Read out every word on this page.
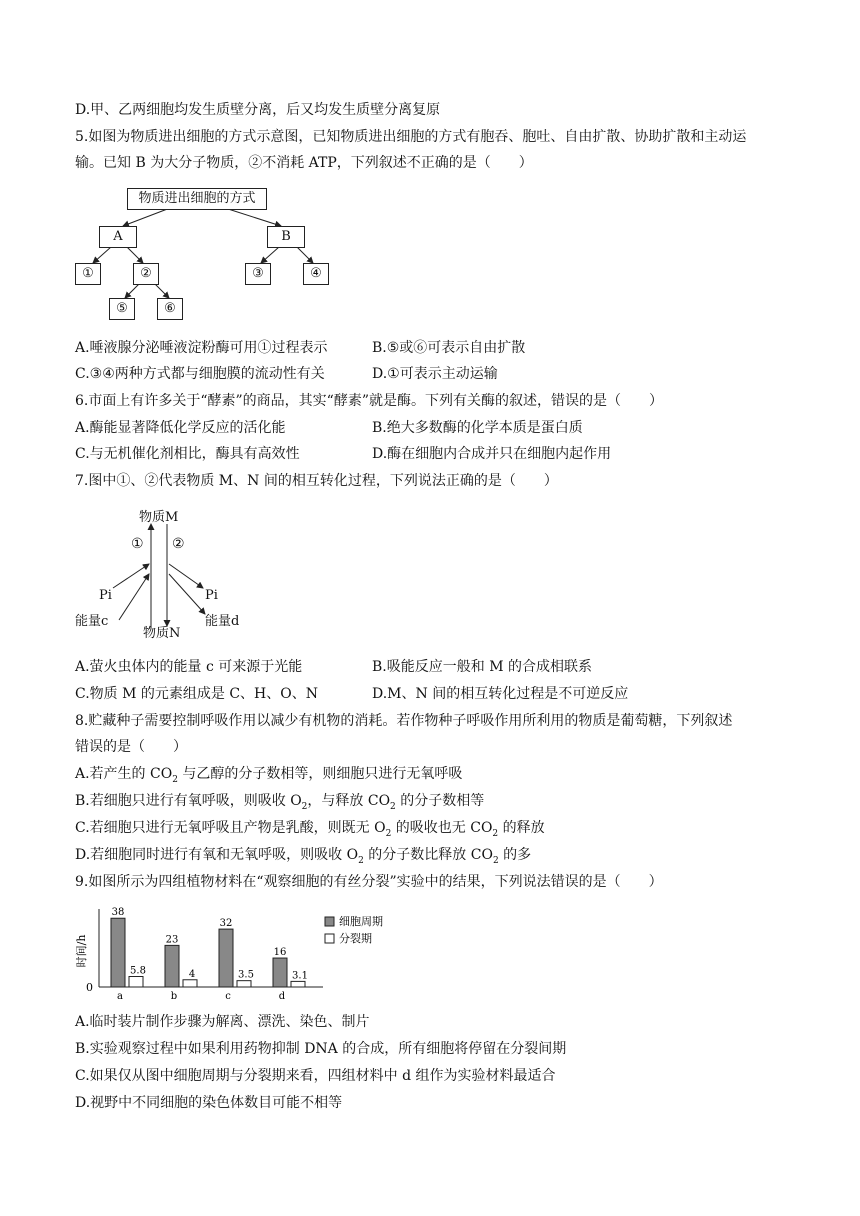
D.甲、乙两细胞均发生质壁分离，后又均发生质壁分离复原
5.如图为物质进出细胞的方式示意图，已知物质进出细胞的方式有胞吞、胞吐、自由扩散、协助扩散和主动运
输。已知 B 为大分子物质，②不消耗 ATP，下列叙述不正确的是（　　）
物质进出细胞的方式
A	B
①	②	③	④
⑤	⑥
A.唾液腺分泌唾液淀粉酶可用①过程表示	B.⑤或⑥可表示自由扩散
C.③④两种方式都与细胞膜的流动性有关	D.①可表示主动运输
6.市面上有许多关于“酵素”的商品，其实“酵素”就是酶。下列有关酶的叙述，错误的是（　　）
A.酶能显著降低化学反应的活化能	B.绝大多数酶的化学本质是蛋白质
C.与无机催化剂相比，酶具有高效性	D.酶在细胞内合成并只在细胞内起作用
7.图中①、②代表物质 M、N 间的相互转化过程，下列说法正确的是（　　）
物质M
物质N
① ②
Pi
能量c
Pi
能量d
A.萤火虫体内的能量 c 可来源于光能	B.吸能反应一般和 M 的合成相联系
C.物质 M 的元素组成是 C、H、O、N	D.M、N 间的相互转化过程是不可逆反应
8.贮藏种子需要控制呼吸作用以减少有机物的消耗。若作物种子呼吸作用所利用的物质是葡萄糖，下列叙述
错误的是（　　）
A.若产生的 $CO_2$ 与乙醇的分子数相等，则细胞只进行无氧呼吸
B.若细胞只进行有氧呼吸，则吸收 $O_2$，与释放 $CO_2$ 的分子数相等
C.若细胞只进行无氧呼吸且产物是乳酸，则既无 $O_2$ 的吸收也无 $CO_2$ 的释放
D.若细胞同时进行有氧和无氧呼吸，则吸收 $O_2$ 的分子数比释放 $CO_2$ 的多
9.如图所示为四组植物材料在“观察细胞的有丝分裂”实验中的结果，下列说法错误的是（　　）
时间/h
0
38
5.8
a
23
4
b
32
3.5
c
16
3.1
d
细胞周期
分裂期
A.临时装片制作步骤为解离、漂洗、染色、制片
B.实验观察过程中如果利用药物抑制 DNA 的合成，所有细胞将停留在分裂间期
C.如果仅从图中细胞周期与分裂期来看，四组材料中 d 组作为实验材料最适合
D.视野中不同细胞的染色体数目可能不相等
